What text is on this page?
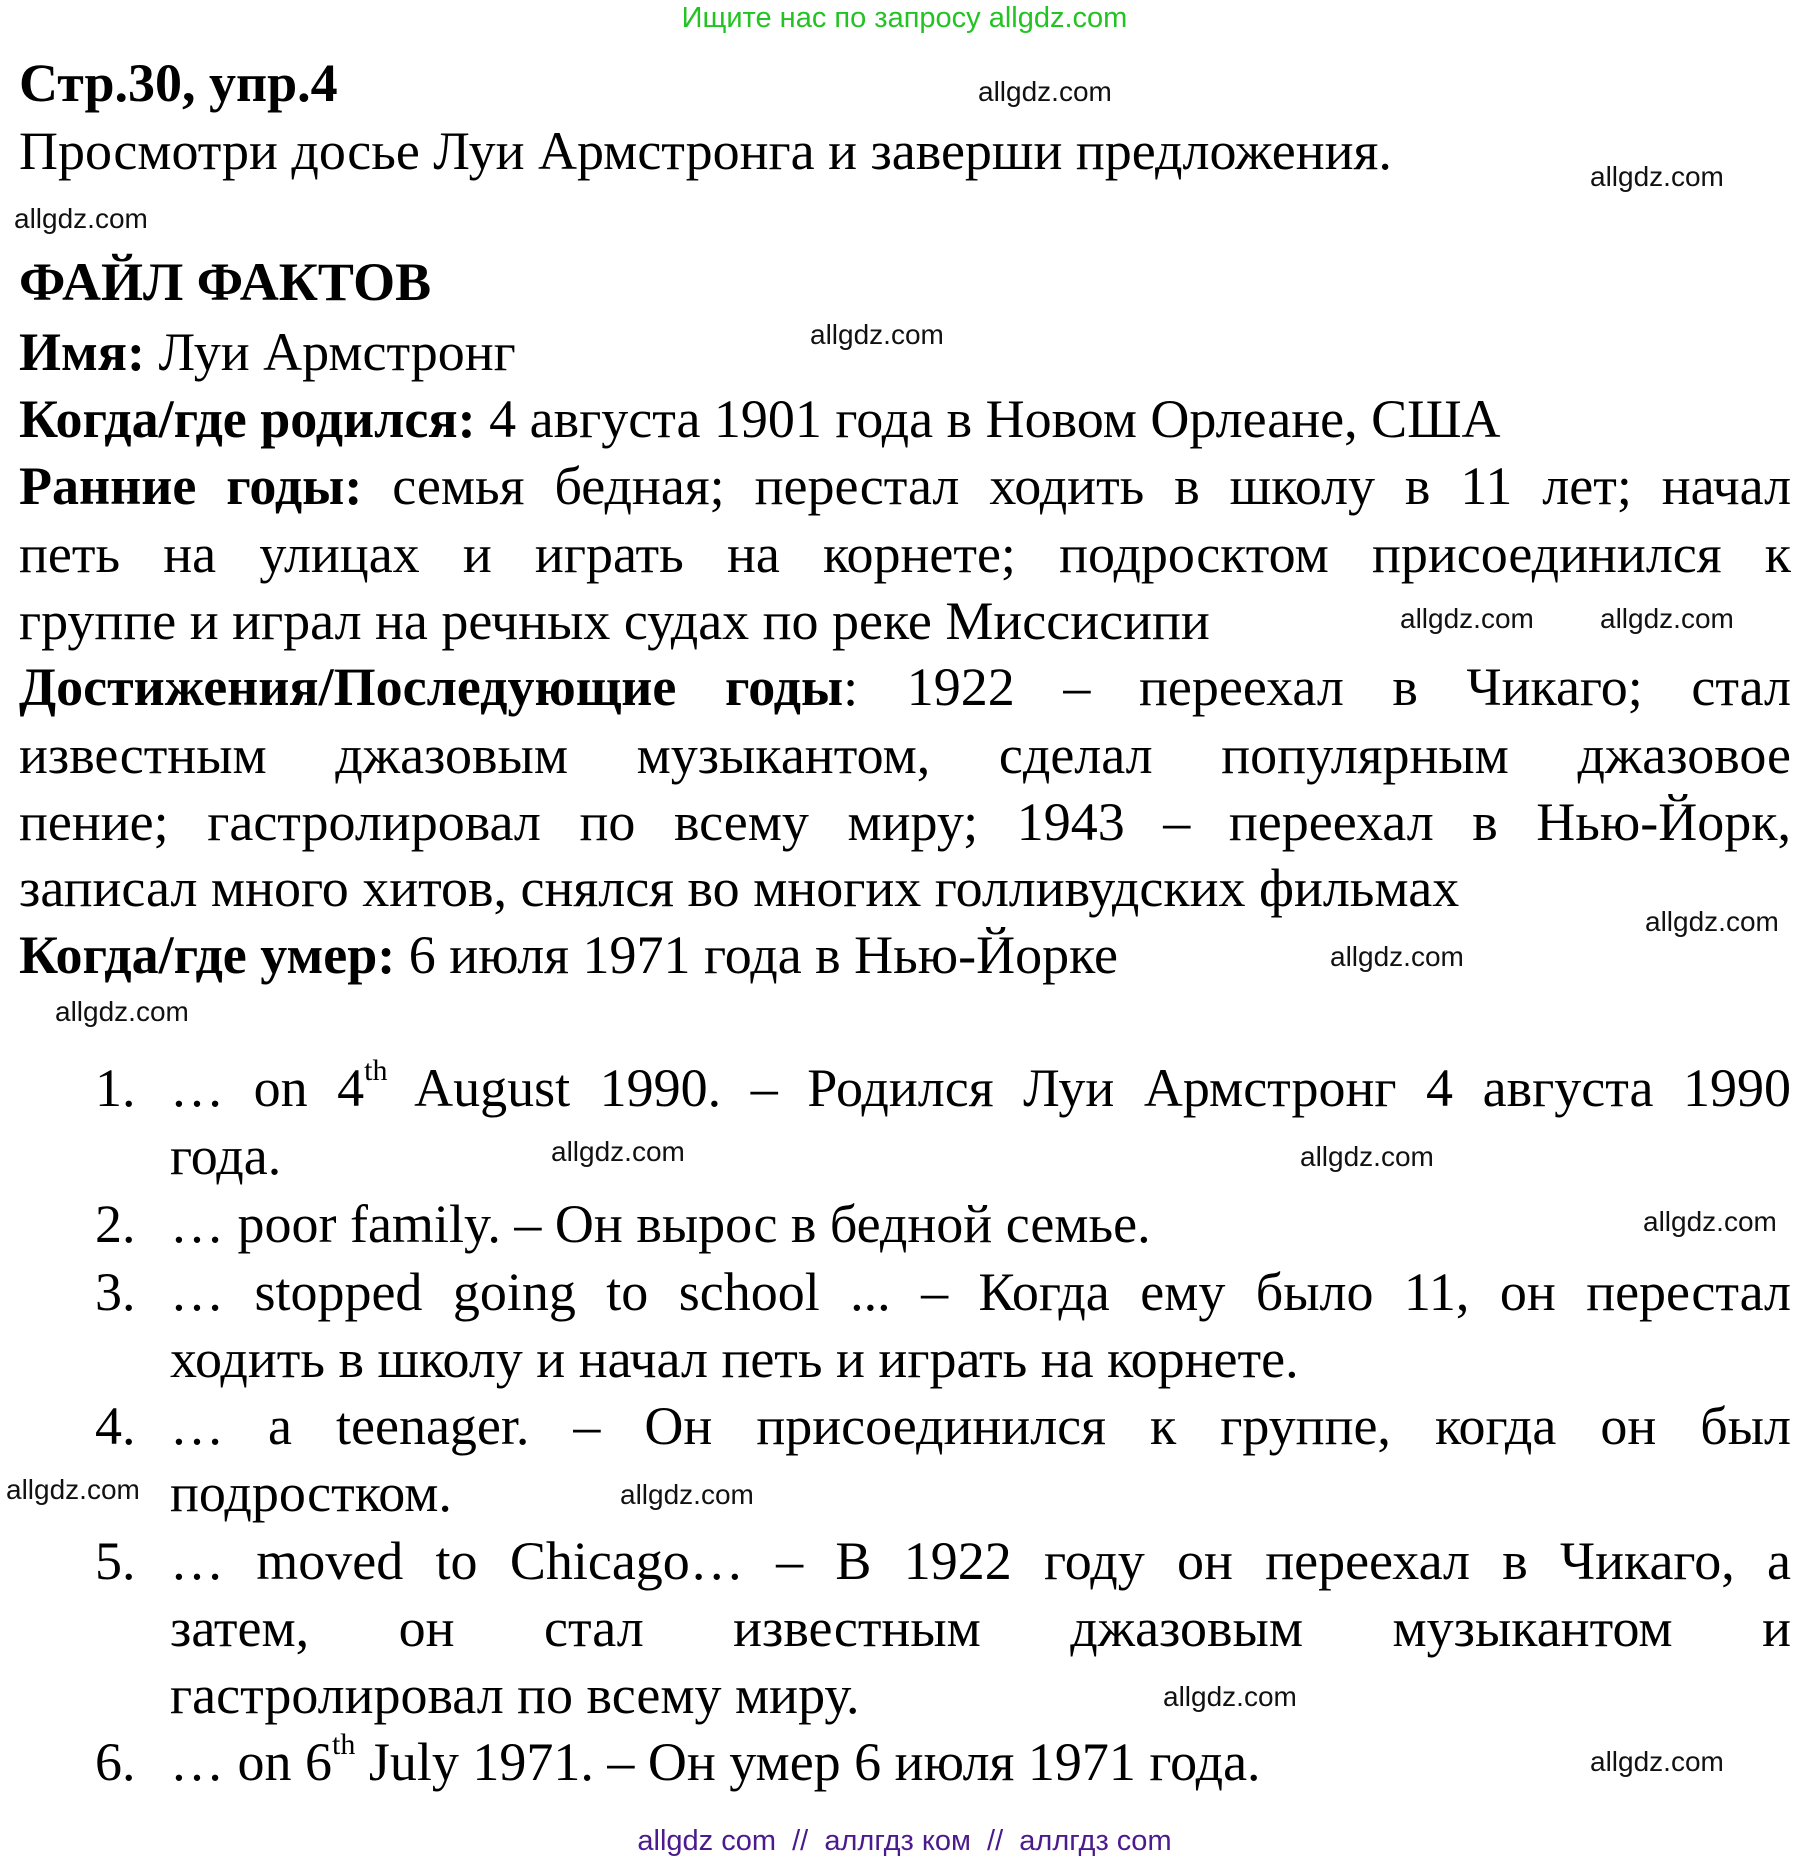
Ищите нас по запросу allgdz.com
Стр.30, упр.4
Просмотри досье Луи Армстронга и заверши предложения.
ФАЙЛ ФАКТОВ
Имя: Луи Армстронг
Когда/где родился: 4 августа 1901 года в Новом Орлеане, США
Ранние годы: семья бедная; перестал ходить в школу в 11 лет; начал
петь на улицах и играть на корнете; подросктом присоединился к
группе и играл на речных судах по реке Миссисипи
Достижения/Последующие годы: 1922 – переехал в Чикаго; стал
известным джазовым музыкантом, сделал популярным джазовое
пение; гастролировал по всему миру; 1943 – переехал в Нью-Йорк,
записал много хитов, снялся во многих голливудских фильмах
Когда/где умер: 6 июля 1971 года в Нью-Йорке
1. … on 4th August 1990. – Родился Луи Армстронг 4 августа 1990
года.
2. … poor family. – Он вырос в бедной семье.
3. … stopped going to school ... – Когда ему было 11, он перестал
ходить в школу и начал петь и играть на корнете.
4. … a teenager. – Он присоединился к группе, когда он был
подростком.
5. … moved to Chicago… – В 1922 году он переехал в Чикаго, а
затем, он стал известным джазовым музыкантом и
гастролировал по всему миру.
6. … on 6th July 1971. – Он умер 6 июля 1971 года.
allgdz.com
allgdz.com
allgdz.com
allgdz.com
allgdz.com
allgdz.com
allgdz.com
allgdz.com
allgdz.com
allgdz.com	allgdz.com
allgdz.com
allgdz.com	allgdz.com
allgdz.com
allgdz.com
allgdz com  //  аллгдз ком  //  аллгдз com
